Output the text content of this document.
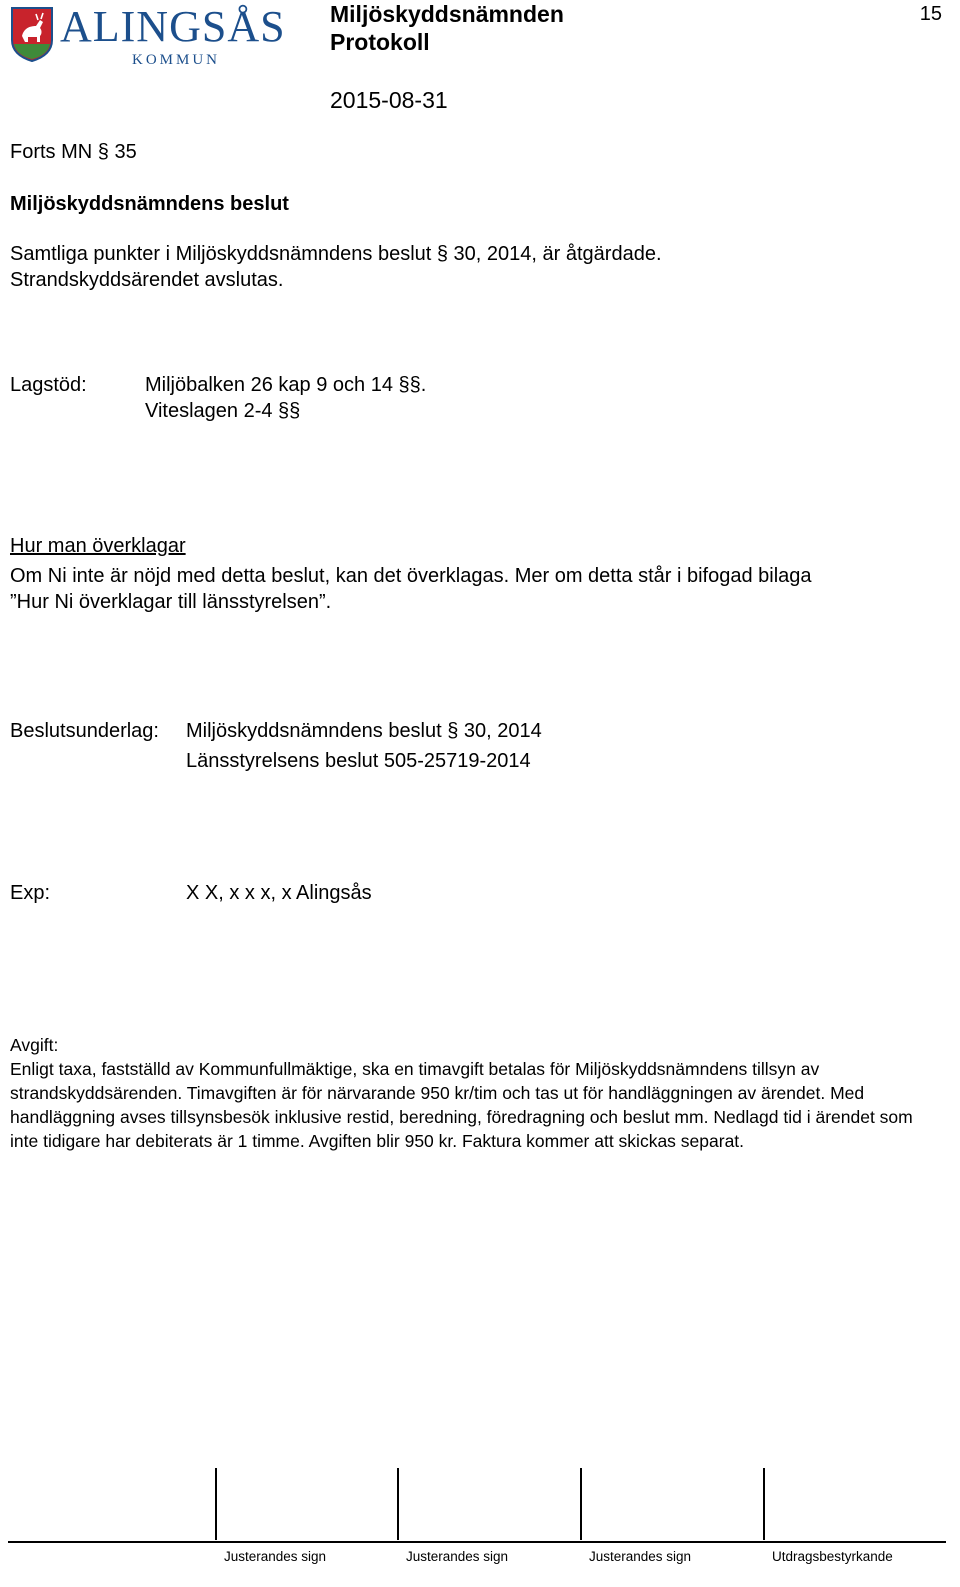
ALINGSÅS
KOMMUN
Miljöskyddsnämnden
Protokoll
15
2015-08-31
Forts MN § 35
Miljöskyddsnämndens beslut
Samtliga punkter i Miljöskyddsnämndens beslut § 30, 2014, är åtgärdade.
Strandskyddsärendet avslutas.
Lagstöd:	Miljöbalken 26 kap 9 och 14 §§.
Viteslagen 2-4 §§
Hur man överklagar
Om Ni inte är nöjd med detta beslut, kan det överklagas. Mer om detta står i bifogad bilaga
”Hur Ni överklagar till länsstyrelsen”.
Beslutsunderlag: Miljöskyddsnämndens beslut § 30, 2014
Länsstyrelsens beslut 505-25719-2014
Exp:	X X, x x x, x Alingsås
Avgift:
Enligt taxa, fastställd av Kommunfullmäktige, ska en timavgift betalas för Miljöskyddsnämndens tillsyn av strandskyddsärenden. Timavgiften är för närvarande 950 kr/tim och tas ut för handläggningen av ärendet. Med handläggning avses tillsynsbesök inklusive restid, beredning, föredragning och beslut mm. Nedlagd tid i ärendet som inte tidigare har debiterats är 1 timme. Avgiften blir 950 kr. Faktura kommer att skickas separat.
Justerandes sign	Justerandes sign	Justerandes sign	Utdragsbestyrkande
